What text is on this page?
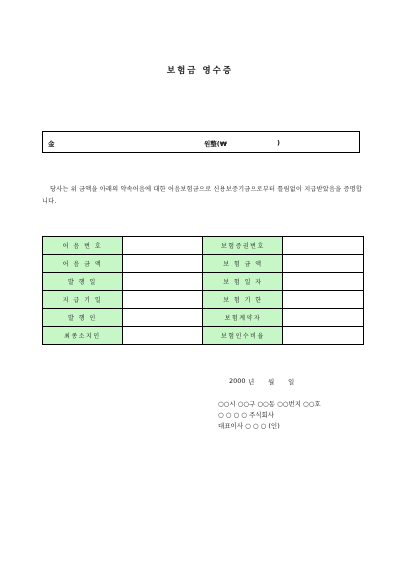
보험금 영수증
金	원整(₩	)
당사는 위 금액을 아래의 약속어음에 대한 어음보험금으로 신용보증기금으로부터 틀림없이 지급받았음을 증명합니다.
어 음 번 호		보험증권번호	
어 음 금 액		보 험 금 액	
발 행 일		보 험 일 자	
지 급 기 일		보 험 기 한	
발 행 인		보험계약자	
최종소지인		보험인수비율	
2000 년 월 일
○○시 ○○구 ○○동 ○○번지 ○○호
○ ○ ○ ○ 주식회사
대표이사 ○ ○ ○ (인)
